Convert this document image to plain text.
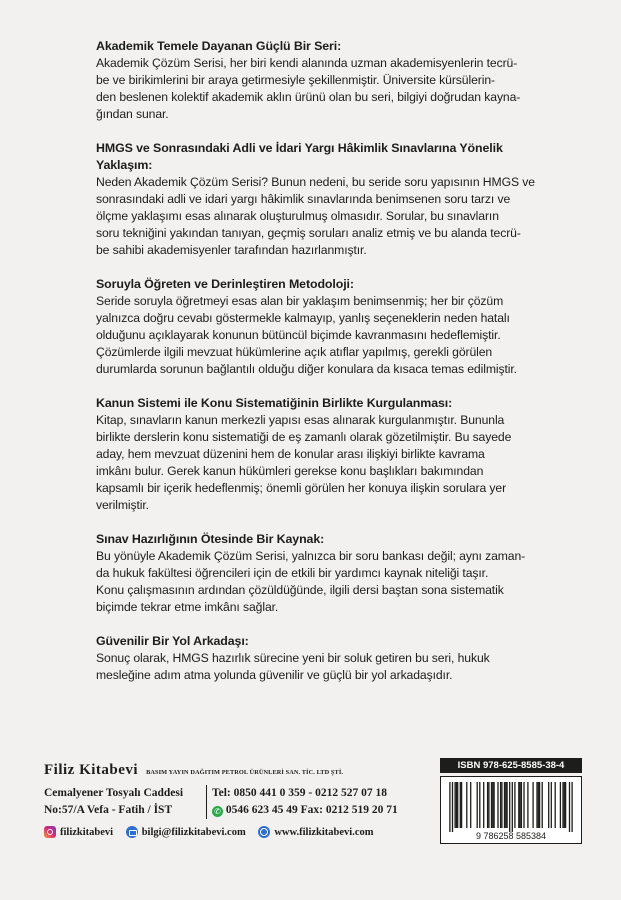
Akademik Temele Dayanan Güçlü Bir Seri:

Akademik Çözüm Serisi, her biri kendi alanında uzman akademisyenlerin tecrü-
be ve birikimlerini bir araya getirmesiyle şekillenmiştir. Üniversite kürsülerin-
den beslenen kolektif akademik aklın ürünü olan bu seri, bilgiyi doğrudan kayna-
ğından sunar.

HMGS ve Sonrasındaki Adli ve İdari Yargı Hâkimlik Sınavlarına Yönelik
Yaklaşım:

Neden Akademik Çözüm Serisi? Bunun nedeni, bu seride soru yapısının HMGS ve
sonrasındaki adli ve idari yargı hâkimlik sınavlarında benimsenen soru tarzı ve
ölçme yaklaşımı esas alınarak oluşturulmuş olmasıdır. Sorular, bu sınavların
soru tekniğini yakından tanıyan, geçmiş soruları analiz etmiş ve bu alanda tecrü-
be sahibi akademisyenler tarafından hazırlanmıştır.

Soruyla Öğreten ve Derinleştiren Metodoloji:

Seride soruyla öğretmeyi esas alan bir yaklaşım benimsenmiş; her bir çözüm
yalnızca doğru cevabı göstermekle kalmayıp, yanlış seçeneklerin neden hatalı
olduğunu açıklayarak konunun bütüncül biçimde kavranmasını hedeflemiştir.
Çözümlerde ilgili mevzuat hükümlerine açık atıflar yapılmış, gerekli görülen
durumlarda sorunun bağlantılı olduğu diğer konulara da kısaca temas edilmiştir.

Kanun Sistemi ile Konu Sistematiğinin Birlikte Kurgulanması:

Kitap, sınavların kanun merkezli yapısı esas alınarak kurgulanmıştır. Bununla
birlikte derslerin konu sistematiği de eş zamanlı olarak gözetilmiştir. Bu sayede
aday, hem mevzuat düzenini hem de konular arası ilişkiyi birlikte kavrama
imkânı bulur. Gerek kanun hükümleri gerekse konu başlıkları bakımından
kapsamlı bir içerik hedeflenmiş; önemli görülen her konuya ilişkin sorulara yer
verilmiştir.

Sınav Hazırlığının Ötesinde Bir Kaynak:

Bu yönüyle Akademik Çözüm Serisi, yalnızca bir soru bankası değil; aynı zaman-
da hukuk fakültesi öğrencileri için de etkili bir yardımcı kaynak niteliği taşır.
Konu çalışmasının ardından çözüldüğünde, ilgili dersi baştan sona sistematik
biçimde tekrar etme imkânı sağlar.

Güvenilir Bir Yol Arkadaşı:

Sonuç olarak, HMGS hazırlık sürecine yeni bir soluk getiren bu seri, hukuk
mesleğine adım atma yolunda güvenilir ve güçlü bir yol arkadaşıdır.

Filiz Kitabevi BASIM YAYIN DAĞITIM PETROL ÜRÜNLERİ SAN. TİC. LTD ŞTİ.
Cemalyener Tosyalı Caddesi
No:57/A Vefa - Fatih / İST
Tel: 0850 441 0 359 - 0212 527 07 18
✆ 0546 623 45 49 Fax: 0212 519 20 71
filizkitabevi
	bilgi@filizkitabevi.com
	www.filizkitabevi.com
ISBN 978-625-8585-38-4
9 786258 585384
